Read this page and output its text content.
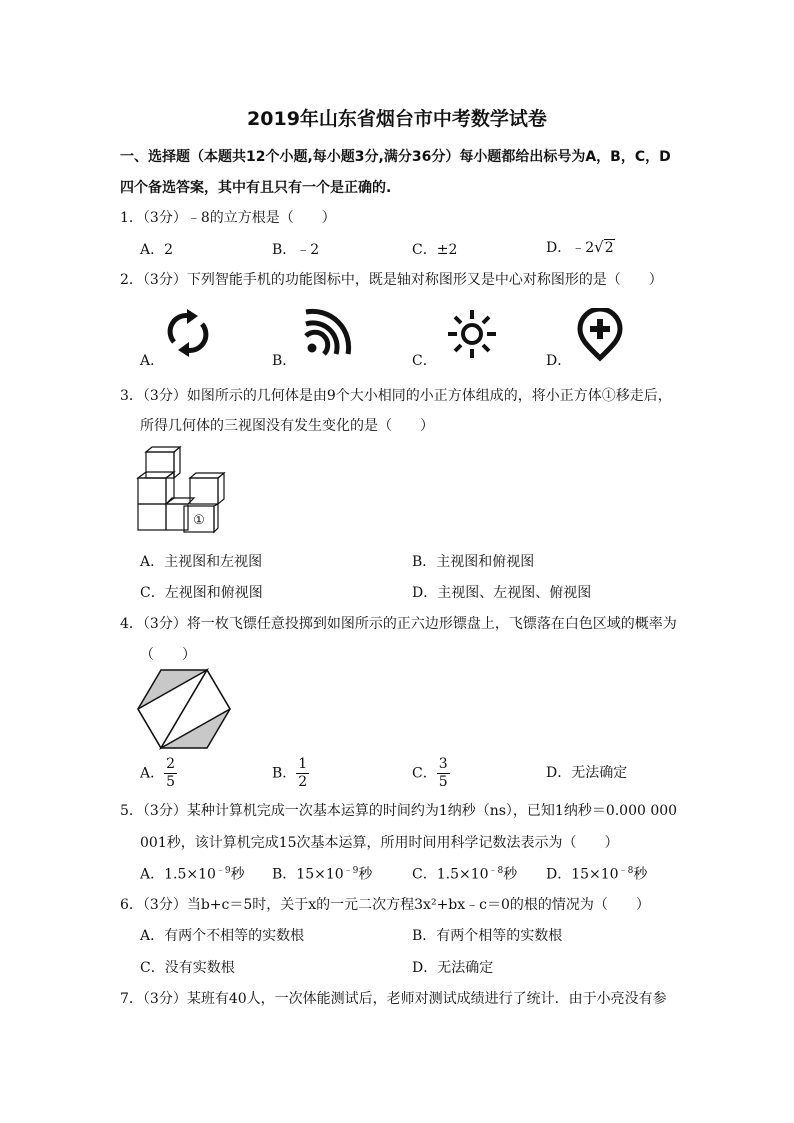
2019年山东省烟台市中考数学试卷
一、选择题（本题共12个小题,每小题3分,满分36分）每小题都给出标号为A，B，C，D
四个备选答案，其中有且只有一个是正确的.
1．（3分）﹣8的立方根是（　　）
A．2	B．﹣2	C．±2	D．﹣2√2
2．（3分）下列智能手机的功能图标中，既是轴对称图形又是中心对称图形的是（　　）
A．	B．	C．	D．
3．（3分）如图所示的几何体是由9个大小相同的小正方体组成的，将小正方体①移走后，
所得几何体的三视图没有发生变化的是（　　）
①
A．主视图和左视图	B．主视图和俯视图
C．左视图和俯视图	D．主视图、左视图、俯视图
4．（3分）将一枚飞镖任意投掷到如图所示的正六边形镖盘上，飞镖落在白色区域的概率为
（　　）
A． $\frac{2}{5}$	B． $\frac{1}{2}$	C． $\frac{3}{5}$	D．无法确定
5．（3分）某种计算机完成一次基本运算的时间约为1纳秒（ns），已知1纳秒＝0.000 000
001秒，该计算机完成15次基本运算，所用时间用科学记数法表示为（　　）
A．$1.5\times 10^{﹣9}$秒 B．$15\times 10^{﹣9}$秒	C．$1.5\times 10^{﹣8}$秒 D．$15\times 10^{﹣8}$秒
6．（3分）当b+c＝5时，关于x的一元二次方程3x²+bx﹣c＝0的根的情况为（　　）
A．有两个不相等的实数根	B．有两个相等的实数根
C．没有实数根	D．无法确定
7．（3分）某班有40人，一次体能测试后，老师对测试成绩进行了统计．由于小亮没有参
